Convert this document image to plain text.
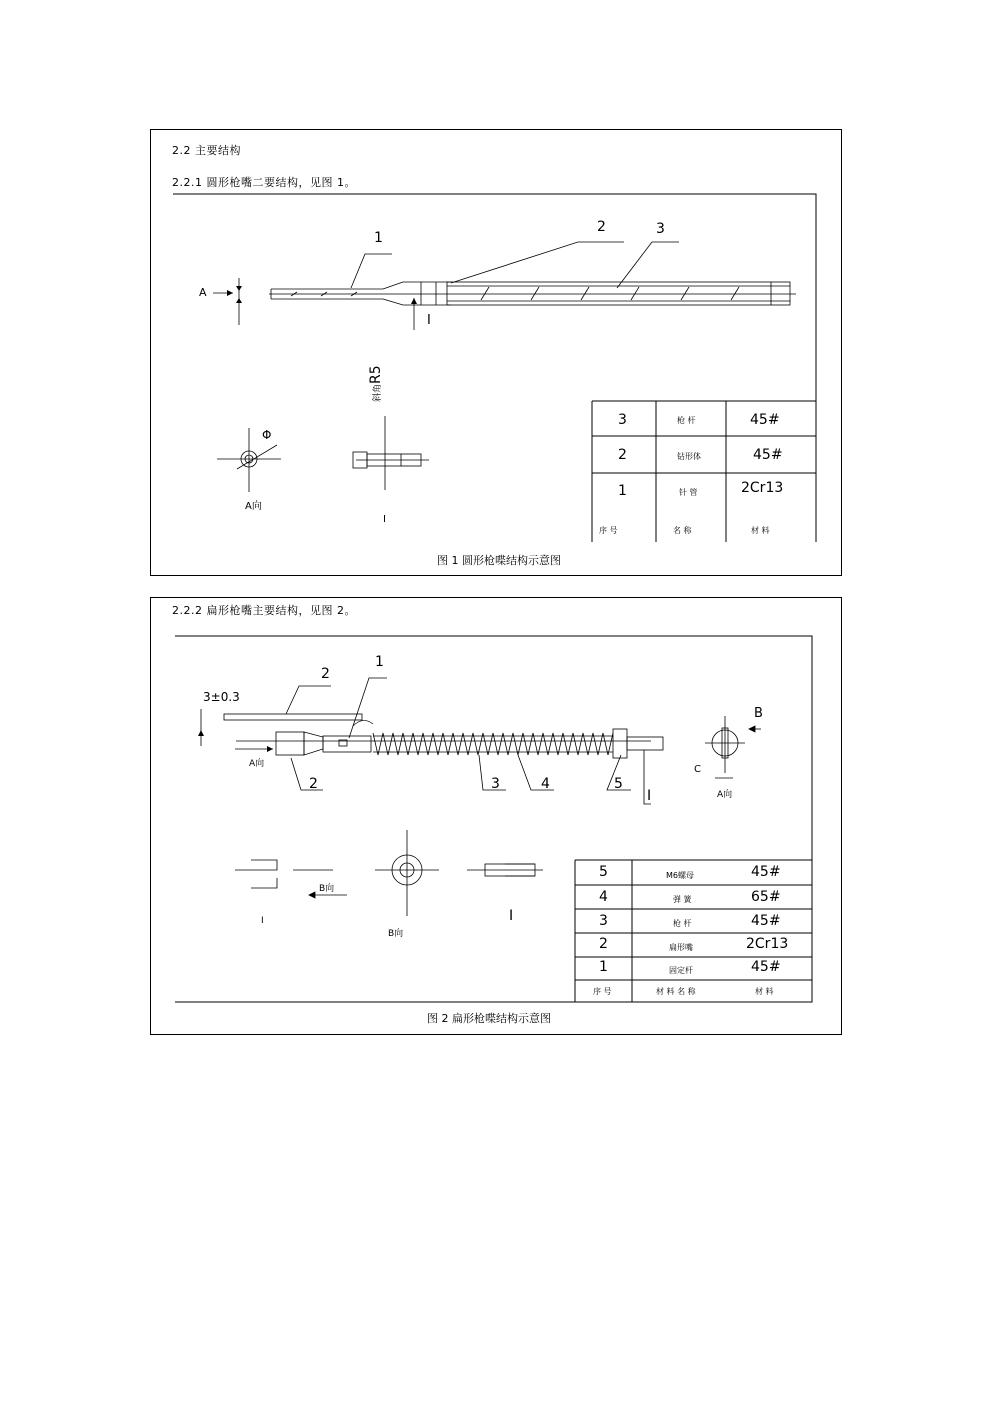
2.2 主要结构
2.2.1 圆形枪嘴二要结构，见图 1。
1
2	3
A
I
Φ
A向
斜角R5
I
3	枪 杆	45#
2	钻形体	45#
1	针 管	2Cr13
序 号	名 称	材 料
图 1 圆形枪喋结构示意图
2.2.2 扁形枪嘴主要结构，见图 2。
3±0.3
2
1
A向
2	3	4	5
I
B
C
A向
B向
B向
I	I
5	M6螺母	45#
4	弹 簧	65#
3	枪 杆	45#
2	扁形嘴	2Cr13
1	固定杆	45#
序 号	材 料 名 称	材 料
图 2 扁形枪喋结构示意图
